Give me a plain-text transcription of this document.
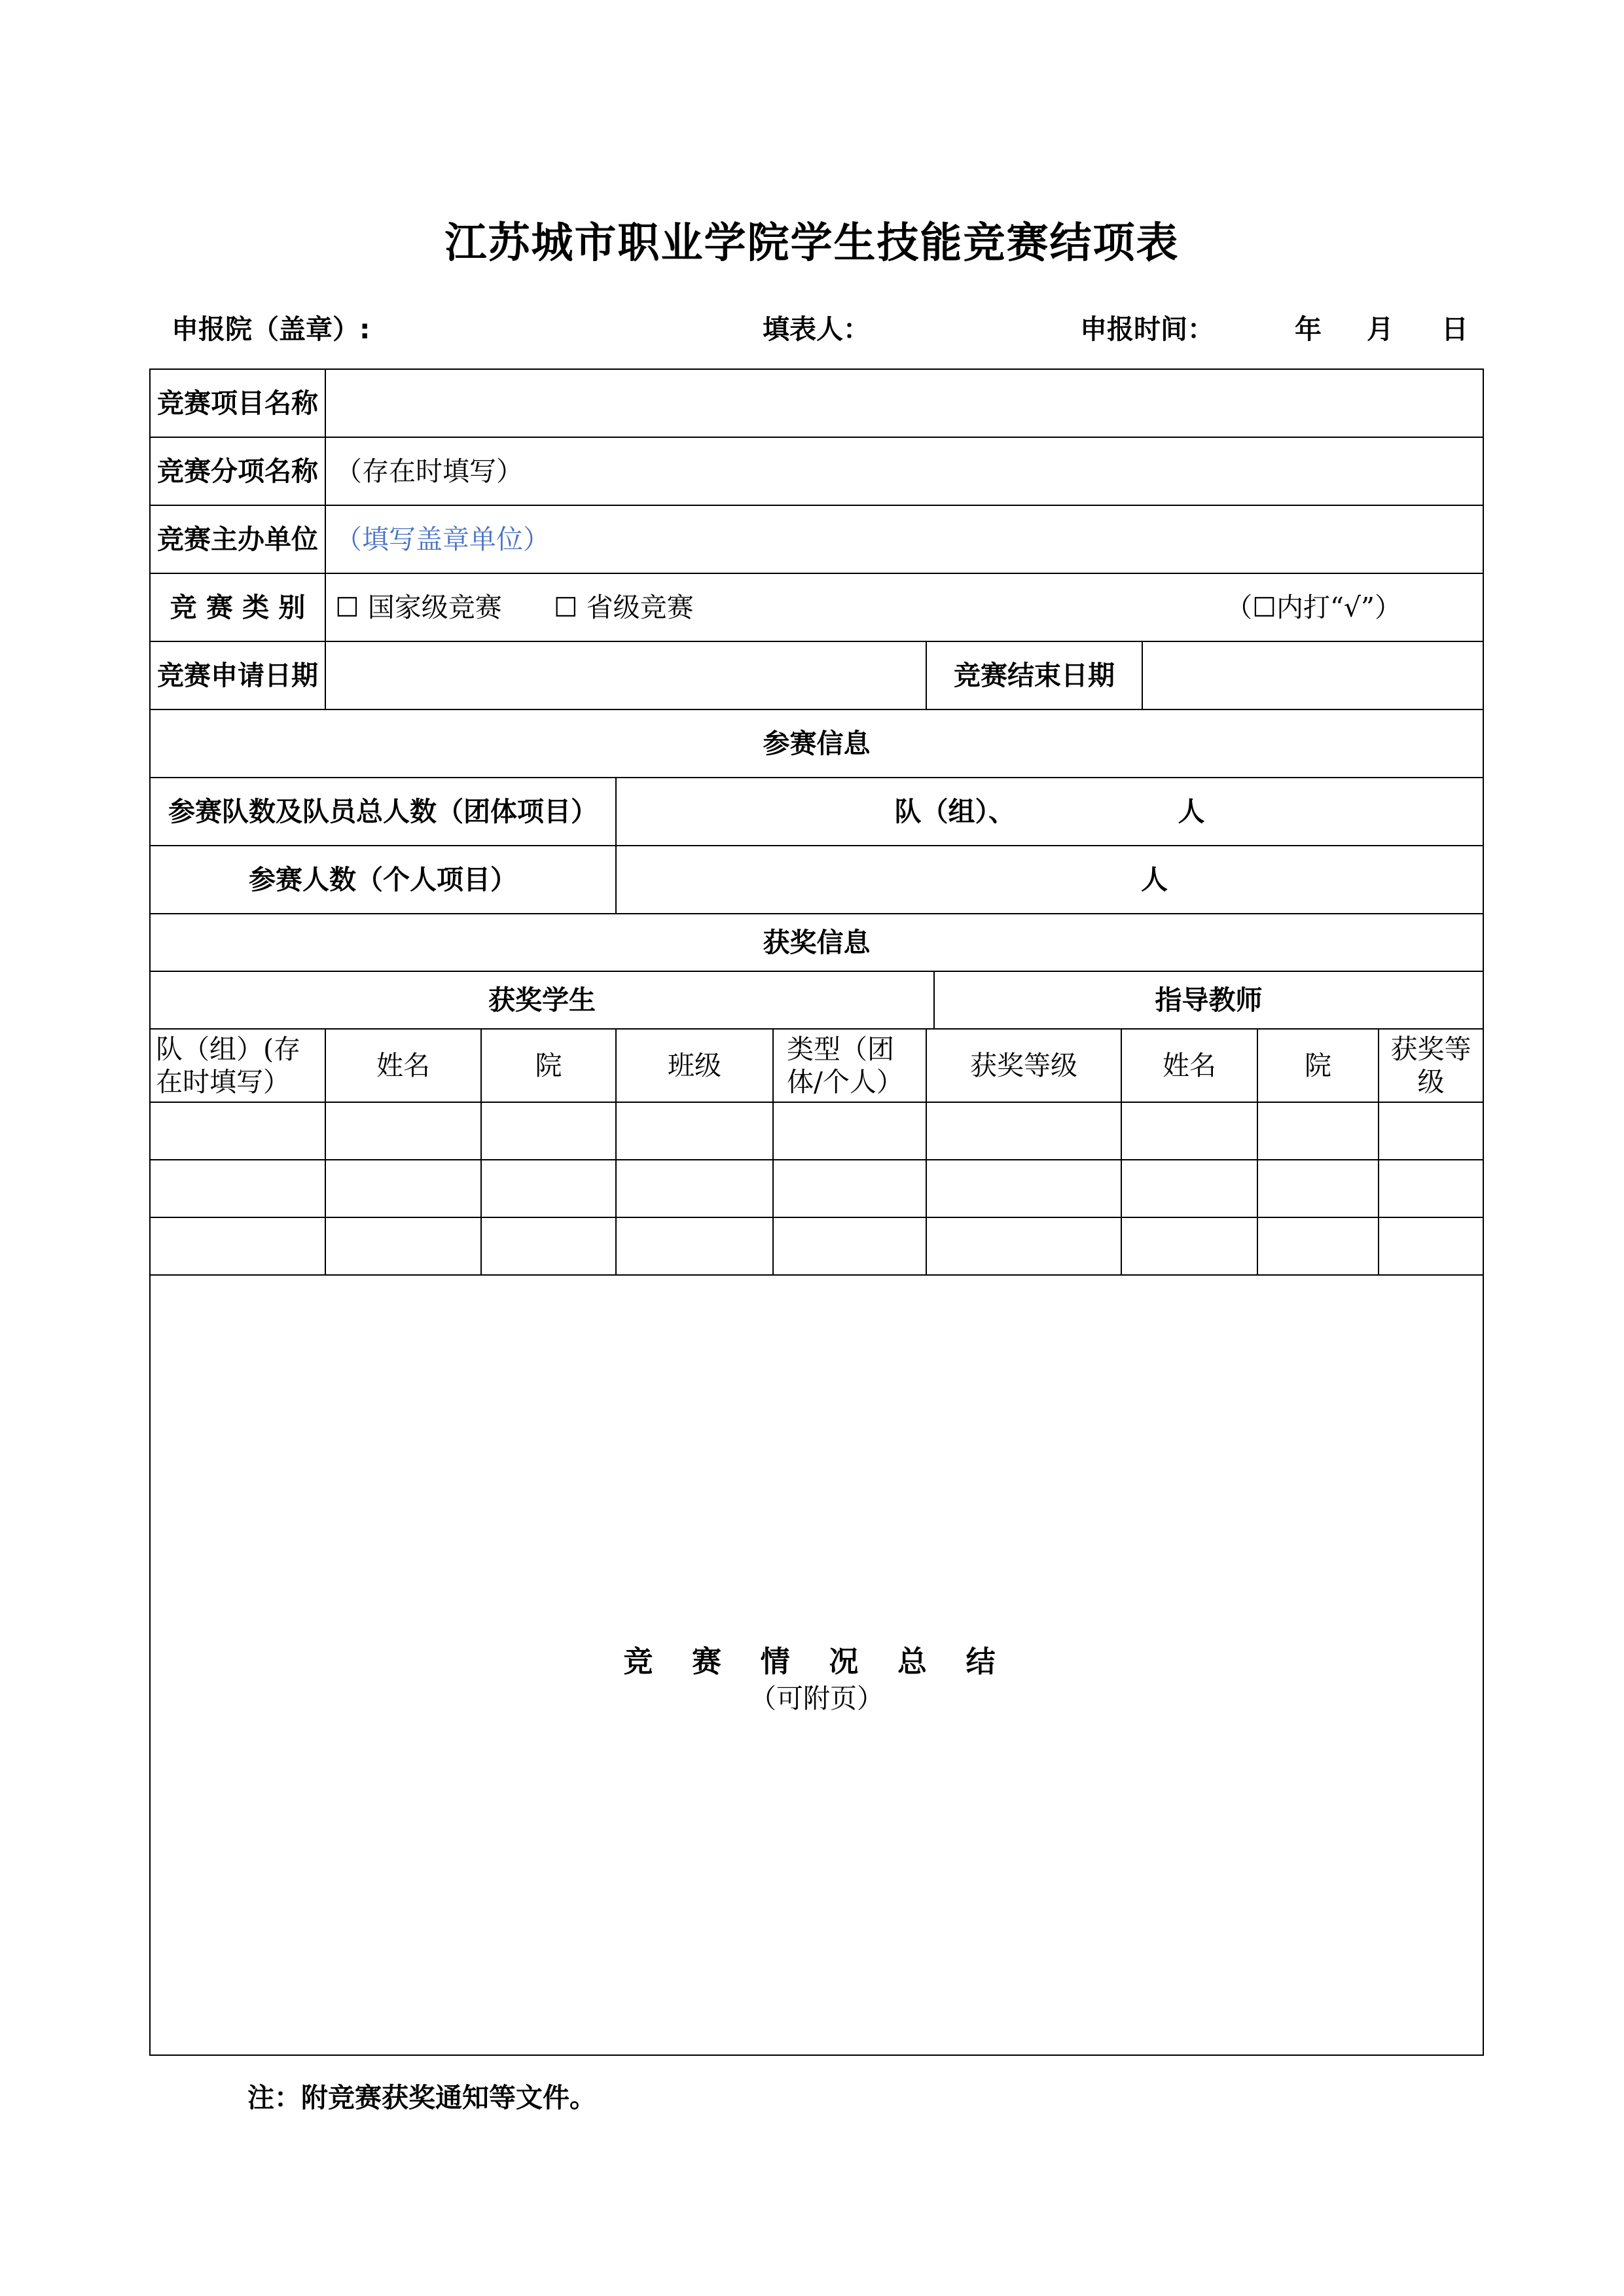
江苏城市职业学院学生技能竞赛结项表
申报院（盖章）:	填表人：	申报时间：	年 月 日
竞赛项目名称										
竞赛分项名称	（存在时填写）									
竞赛主办单位	（填写盖章单位）									
竞 赛 类 别	☐ 国家级竞赛 ☐ 省级竞赛 （☐内打“√”）									

竞赛申请日期					竞赛结束日期					
参赛信息										
参赛队数及队员总人数（团体项目）			队（组）、 人							
参赛人数（个人项目）			人							
获奖信息										
获奖学生						指导教师				
队（组）(存在时填写）	姓名	院	班级	类型（团体/个人）	获奖等级		姓名		院	获奖等级

竞 赛 情 况 总 结
（可附页）										
注：附竞赛获奖通知等文件。
